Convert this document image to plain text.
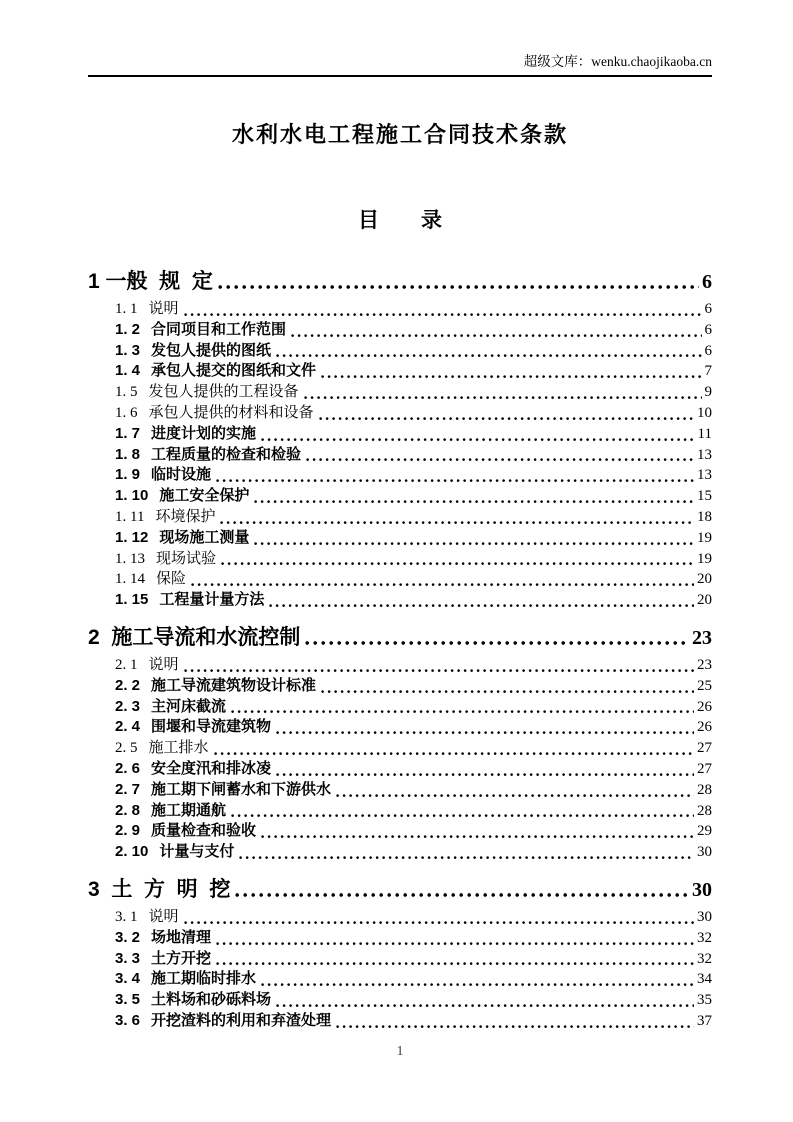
超级文库：wenku.chaojikaoba.cn
水利水电工程施工合同技术条款
目　　录
1 一般  规  定	6
1. 1 说明	6
1. 2 合同项目和工作范围	6
1. 3 发包人提供的图纸	6
1. 4 承包人提交的图纸和文件	7
1. 5 发包人提供的工程设备	9
1. 6 承包人提供的材料和设备	10
1. 7 进度计划的实施	11
1. 8 工程质量的检查和检验	13
1. 9 临时设施	13
1. 10 施工安全保护	15
1. 11 环境保护	18
1. 12 现场施工测量	19
1. 13 现场试验	19
1. 14 保险	20
1. 15 工程量计量方法	20
2  施工导流和水流控制	23
2. 1 说明	23
2. 2 施工导流建筑物设计标准	25
2. 3 主河床截流	26
2. 4 围堰和导流建筑物	26
2. 5 施工排水	27
2. 6 安全度汛和排冰凌	27
2. 7 施工期下闸蓄水和下游供水	28
2. 8 施工期通航	28
2. 9 质量检查和验收	29
2. 10 计量与支付	30
3  土  方  明  挖	30
3. 1 说明	30
3. 2 场地清理	32
3. 3 土方开挖	32
3. 4 施工期临时排水	34
3. 5 土料场和砂砾料场	35
3. 6 开挖渣料的利用和弃渣处理	37
1
